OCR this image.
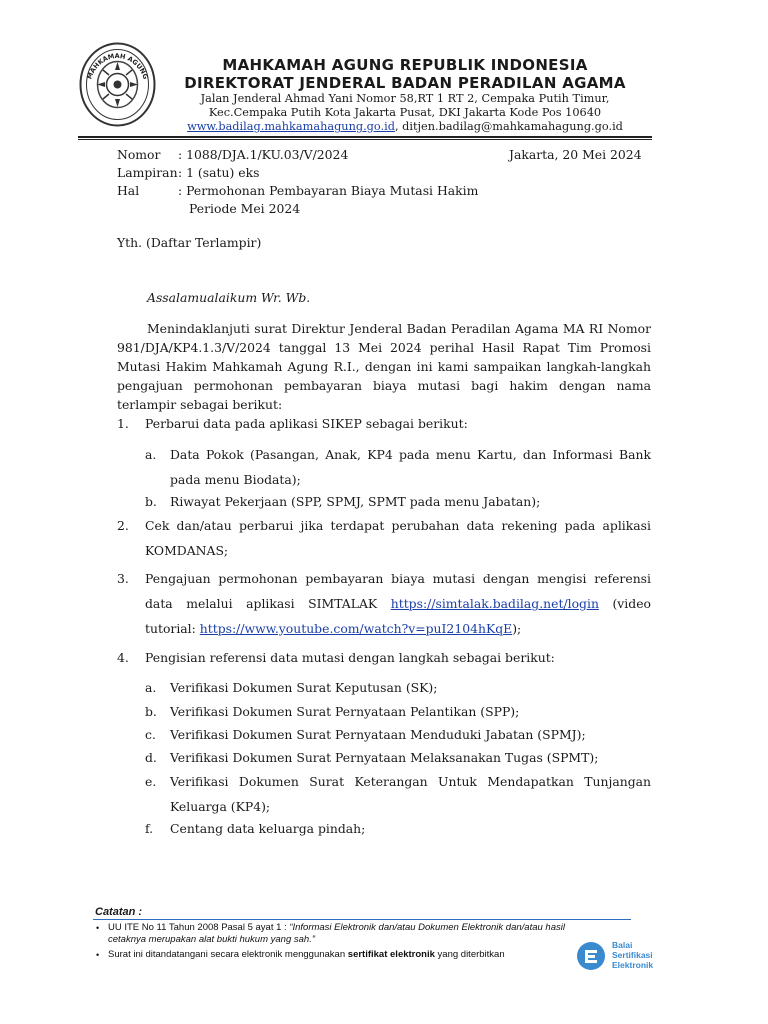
MAHKAMAH AGUNG
MAHKAMAH AGUNG REPUBLIK INDONESIA
DIREKTORAT JENDERAL BADAN PERADILAN AGAMA
Jalan Jenderal Ahmad Yani Nomor 58,RT 1 RT 2, Cempaka Putih Timur,
Kec.Cempaka Putih Kota Jakarta Pusat, DKI Jakarta Kode Pos 10640
www.badilag.mahkamahagung.go.id, ditjen.badilag@mahkamahagung.go.id
Nomor : 1088/DJA.1/KU.03/V/2024	Jakarta, 20 Mei 2024
Lampiran : 1 (satu) eks
Hal	: Permohonan Pembayaran Biaya Mutasi Hakim
Periode Mei 2024
Yth. (Daftar Terlampir)
Assalamualaikum Wr. Wb.
Menindaklanjuti surat Direktur Jenderal Badan Peradilan Agama MA RI Nomor 981/DJA/KP4.1.3/V/2024 tanggal 13 Mei 2024 perihal Hasil Rapat Tim Promosi Mutasi Hakim Mahkamah Agung R.I., dengan ini kami sampaikan langkah-langkah pengajuan permohonan pembayaran biaya mutasi bagi hakim dengan nama terlampir sebagai berikut:
1.	Perbarui data pada aplikasi SIKEP sebagai berikut:
a.	Data Pokok (Pasangan, Anak, KP4 pada menu Kartu, dan Informasi Bank pada menu Biodata);
b.	Riwayat Pekerjaan (SPP, SPMJ, SPMT pada menu Jabatan);
2.	Cek dan/atau perbarui jika terdapat perubahan data rekening pada aplikasi KOMDANAS;
3.	Pengajuan permohonan pembayaran biaya mutasi dengan mengisi referensi data melalui aplikasi SIMTALAK https://simtalak.badilag.net/login (video tutorial: https://www.youtube.com/watch?v=puI2104hKqE);
4.	Pengisian referensi data mutasi dengan langkah sebagai berikut:
a.	Verifikasi Dokumen Surat Keputusan (SK);
b.	Verifikasi Dokumen Surat Pernyataan Pelantikan (SPP);
c.	Verifikasi Dokumen Surat Pernyataan Menduduki Jabatan (SPMJ);
d.	Verifikasi Dokumen Surat Pernyataan Melaksanakan Tugas (SPMT);
e.	Verifikasi Dokumen Surat Keterangan Untuk Mendapatkan Tunjangan Keluarga (KP4);
f.	Centang data keluarga pindah;
Catatan :
• UU ITE No 11 Tahun 2008 Pasal 5 ayat 1 : “Informasi Elektronik dan/atau Dokumen Elektronik dan/atau hasil cetaknya merupakan alat bukti hukum yang sah.”
• Surat ini ditandatangani secara elektronik menggunakan sertifikat elektronik yang diterbitkan
Balai
Sertifikasi
Elektronik
